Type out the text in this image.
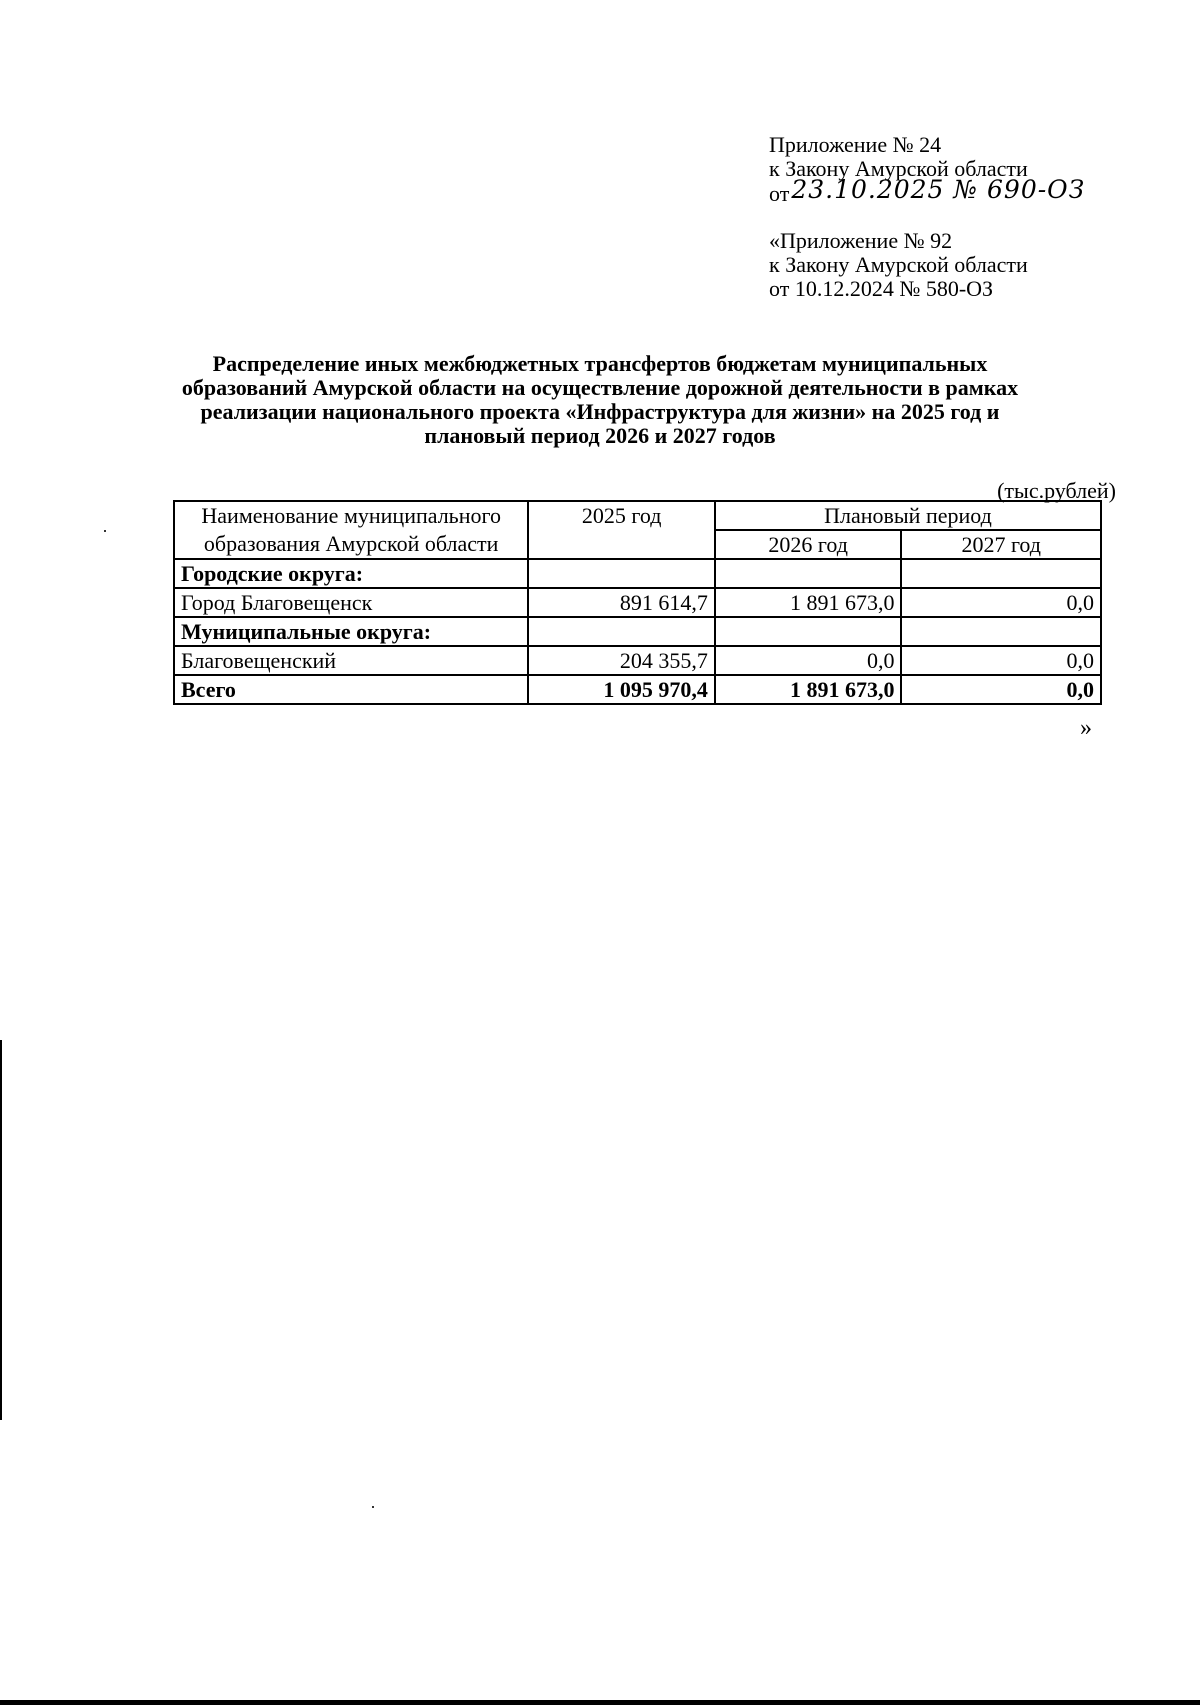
Приложение № 24
к Закону Амурской области
от23.10.2025 № 690-ОЗ
«Приложение № 92
к Закону Амурской области
от 10.12.2024 № 580-ОЗ
Распределение иных межбюджетных трансфертов бюджетам муниципальных
образований Амурской области на осуществление дорожной деятельности в рамках
реализации национального проекта «Инфраструктура для жизни» на 2025 год и
плановый период 2026 и 2027 годов
(тыс.рублей)
Наименование муниципального
образования Амурской области	2025 год	Плановый период	
		2026 год	2027 год
Городские округа:			
Город Благовещенск	891 614,7	1 891 673,0	0,0
Муниципальные округа:			
Благовещенский	204 355,7	0,0	0,0
Всего	1 095 970,4	1 891 673,0	0,0
»
